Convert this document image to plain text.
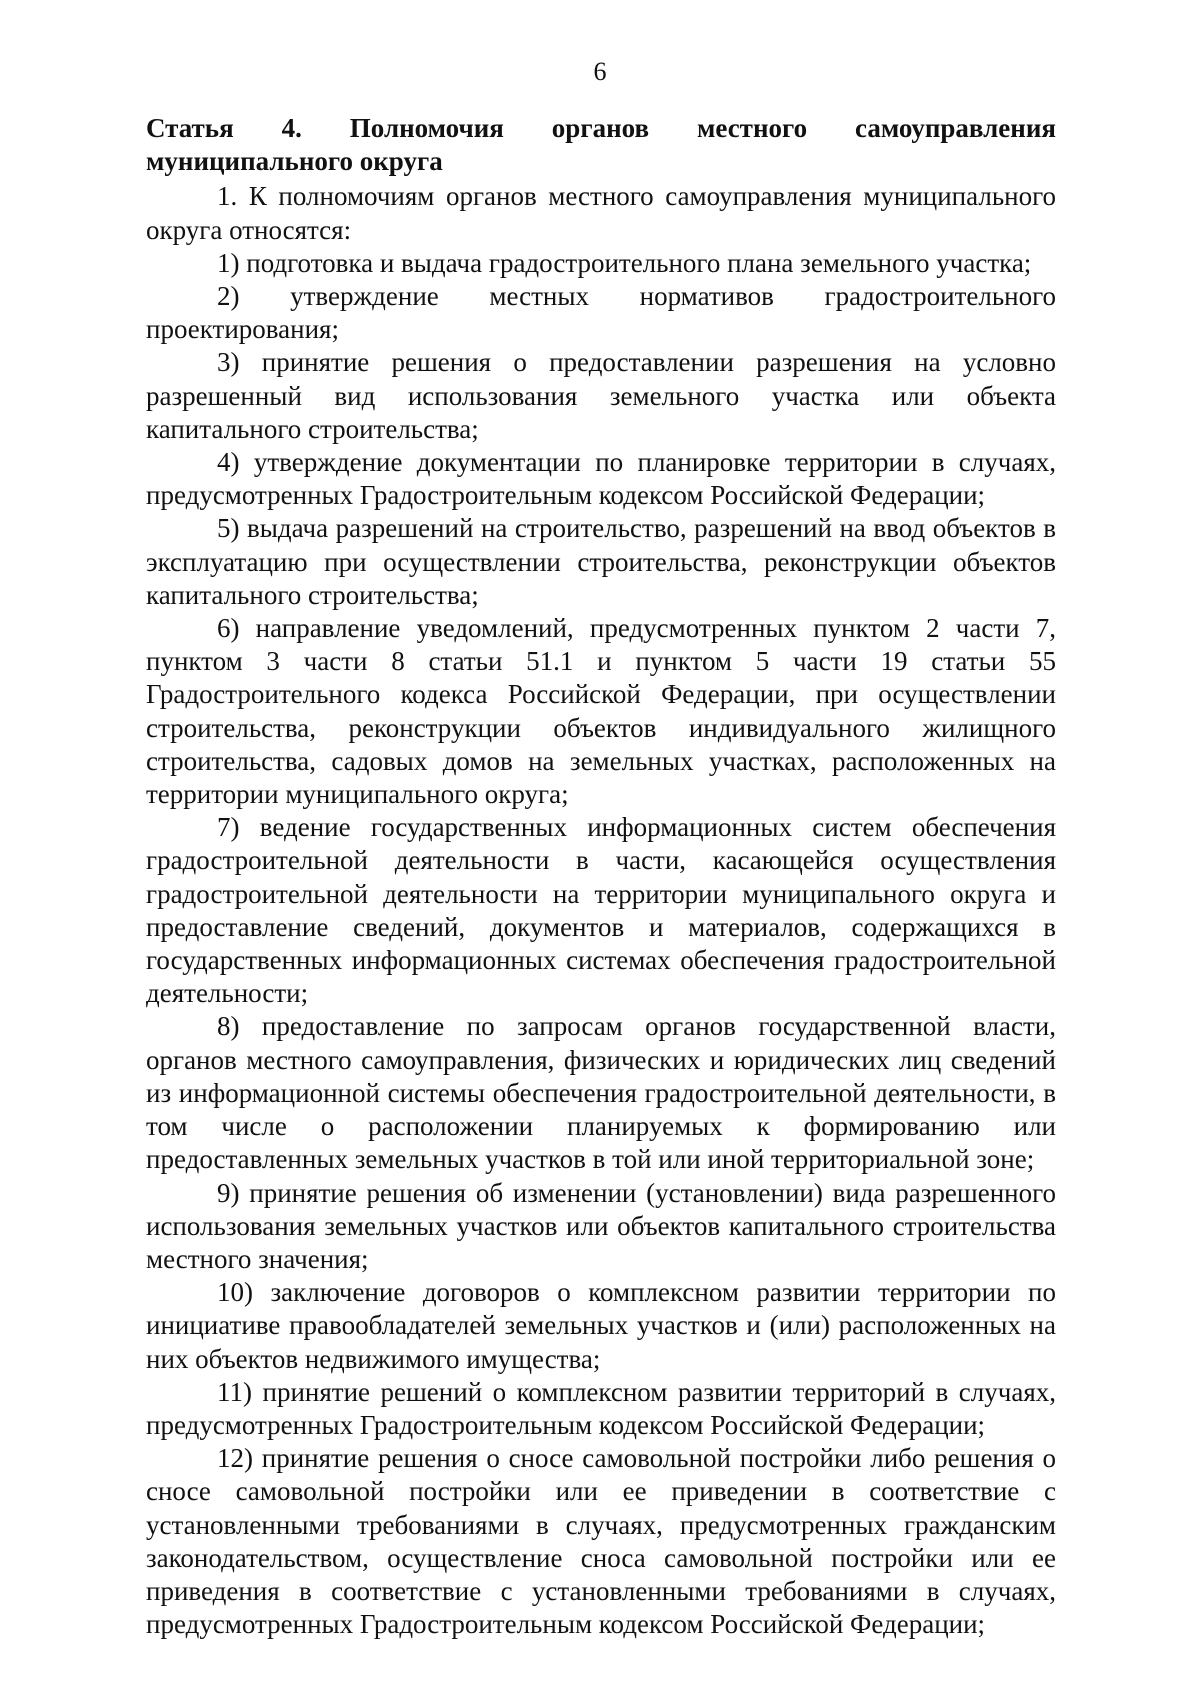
6

Статья 4. Полномочия органов местного самоуправления муниципального округа

1. К полномочиям органов местного самоуправления муниципального округа относятся:

1) подготовка и выдача градостроительного плана земельного участка;

2) утверждение местных нормативов градостроительного проектирования;

3) принятие решения о предоставлении разрешения на условно разрешенный вид использования земельного участка или объекта капитального строительства;

4) утверждение документации по планировке территории в случаях, предусмотренных Градостроительным кодексом Российской Федерации;

5) выдача разрешений на строительство, разрешений на ввод объектов в эксплуатацию при осуществлении строительства, реконструкции объектов капитального строительства;

6) направление уведомлений, предусмотренных пунктом 2 части 7, пунктом 3 части 8 статьи 51.1 и пунктом 5 части 19 статьи 55 Градостроительного кодекса Российской Федерации, при осуществлении строительства, реконструкции объектов индивидуального жилищного строительства, садовых домов на земельных участках, расположенных на территории муниципального округа;

7) ведение государственных информационных систем обеспечения градостроительной деятельности в части, касающейся осуществления градостроительной деятельности на территории муниципального округа и предоставление сведений, документов и материалов, содержащихся в государственных информационных системах обеспечения градостроительной деятельности;

8) предоставление по запросам органов государственной власти, органов местного самоуправления, физических и юридических лиц сведений из информационной системы обеспечения градостроительной деятельности, в том числе о расположении планируемых к формированию или предоставленных земельных участков в той или иной территориальной зоне;

9) принятие решения об изменении (установлении) вида разрешенного использования земельных участков или объектов капитального строительства местного значения;

10) заключение договоров о комплексном развитии территории по инициативе правообладателей земельных участков и (или) расположенных на них объектов недвижимого имущества;

11) принятие решений о комплексном развитии территорий в случаях, предусмотренных Градостроительным кодексом Российской Федерации;

12) принятие решения о сносе самовольной постройки либо решения о сносе самовольной постройки или ее приведении в соответствие с установленными требованиями в случаях, предусмотренных гражданским законодательством, осуществление сноса самовольной постройки или ее приведения в соответствие с установленными требованиями в случаях, предусмотренных Градостроительным кодексом Российской Федерации;
